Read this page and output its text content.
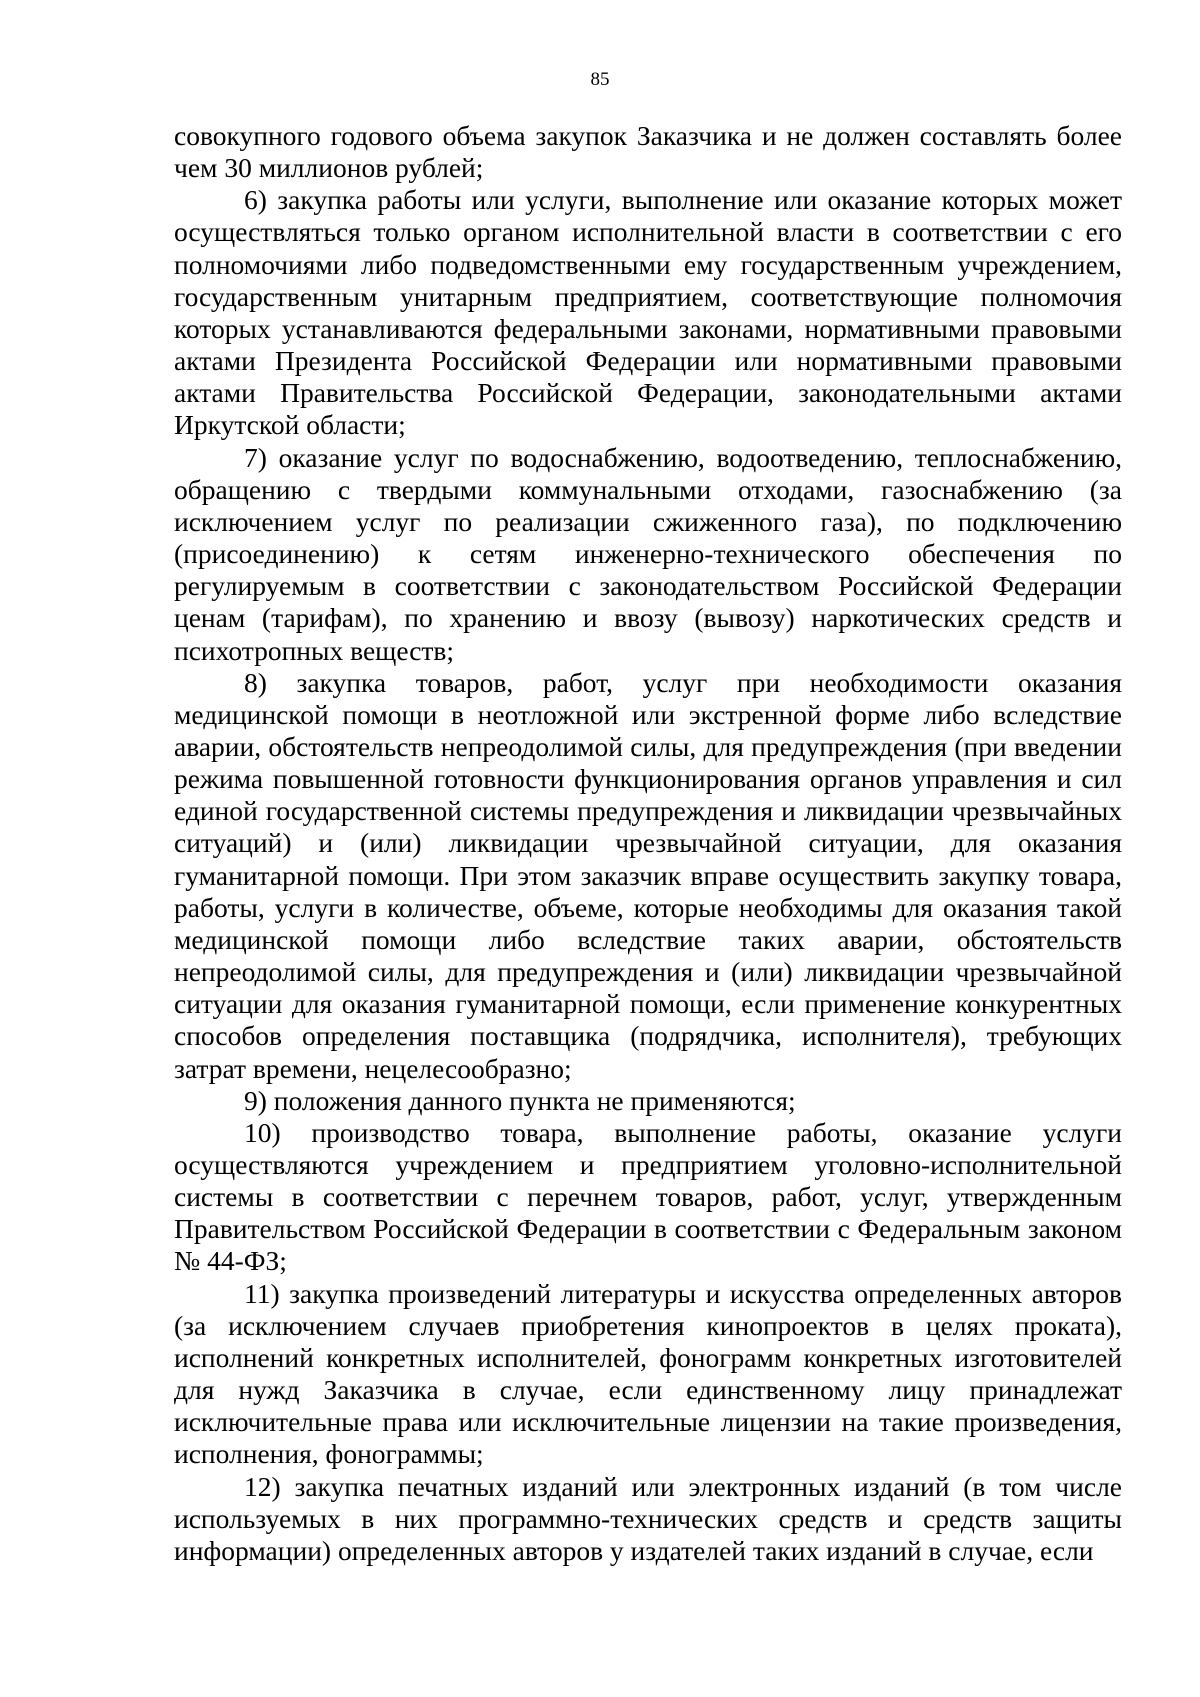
85

совокупного годового объема закупок Заказчика и не должен составлять более чем 30 миллионов рублей;

6) закупка работы или услуги, выполнение или оказание которых может осуществляться только органом исполнительной власти в соответствии с его полномочиями либо подведомственными ему государственным учреждением, государственным унитарным предприятием, соответствующие полномочия которых устанавливаются федеральными законами, нормативными правовыми актами Президента Российской Федерации или нормативными правовыми актами Правительства Российской Федерации, законодательными актами Иркутской области;

7) оказание услуг по водоснабжению, водоотведению, теплоснабжению, обращению с твердыми коммунальными отходами, газоснабжению (за исключением услуг по реализации сжиженного газа), по подключению (присоединению) к сетям инженерно-технического обеспечения по регулируемым в соответствии с законодательством Российской Федерации ценам (тарифам), по хранению и ввозу (вывозу) наркотических средств и психотропных веществ;

8) закупка товаров, работ, услуг при необходимости оказания медицинской помощи в неотложной или экстренной форме либо вследствие аварии, обстоятельств непреодолимой силы, для предупреждения (при введении режима повышенной готовности функционирования органов управления и сил единой государственной системы предупреждения и ликвидации чрезвычайных ситуаций) и (или) ликвидации чрезвычайной ситуации, для оказания гуманитарной помощи. При этом заказчик вправе осуществить закупку товара, работы, услуги в количестве, объеме, которые необходимы для оказания такой медицинской помощи либо вследствие таких аварии, обстоятельств непреодолимой силы, для предупреждения и (или) ликвидации чрезвычайной ситуации для оказания гуманитарной помощи, если применение конкурентных способов определения поставщика (подрядчика, исполнителя), требующих затрат времени, нецелесообразно;

9) положения данного пункта не применяются;

10) производство товара, выполнение работы, оказание услуги осуществляются учреждением и предприятием уголовно-исполнительной системы в соответствии с перечнем товаров, работ, услуг, утвержденным Правительством Российской Федерации в соответствии с Федеральным законом № 44-ФЗ;

11) закупка произведений литературы и искусства определенных авторов (за исключением случаев приобретения кинопроектов в целях проката), исполнений конкретных исполнителей, фонограмм конкретных изготовителей для нужд Заказчика в случае, если единственному лицу принадлежат исключительные права или исключительные лицензии на такие произведения, исполнения, фонограммы;

12) закупка печатных изданий или электронных изданий (в том числе используемых в них программно-технических средств и средств защиты информации) определенных авторов у издателей таких изданий в случае, если
